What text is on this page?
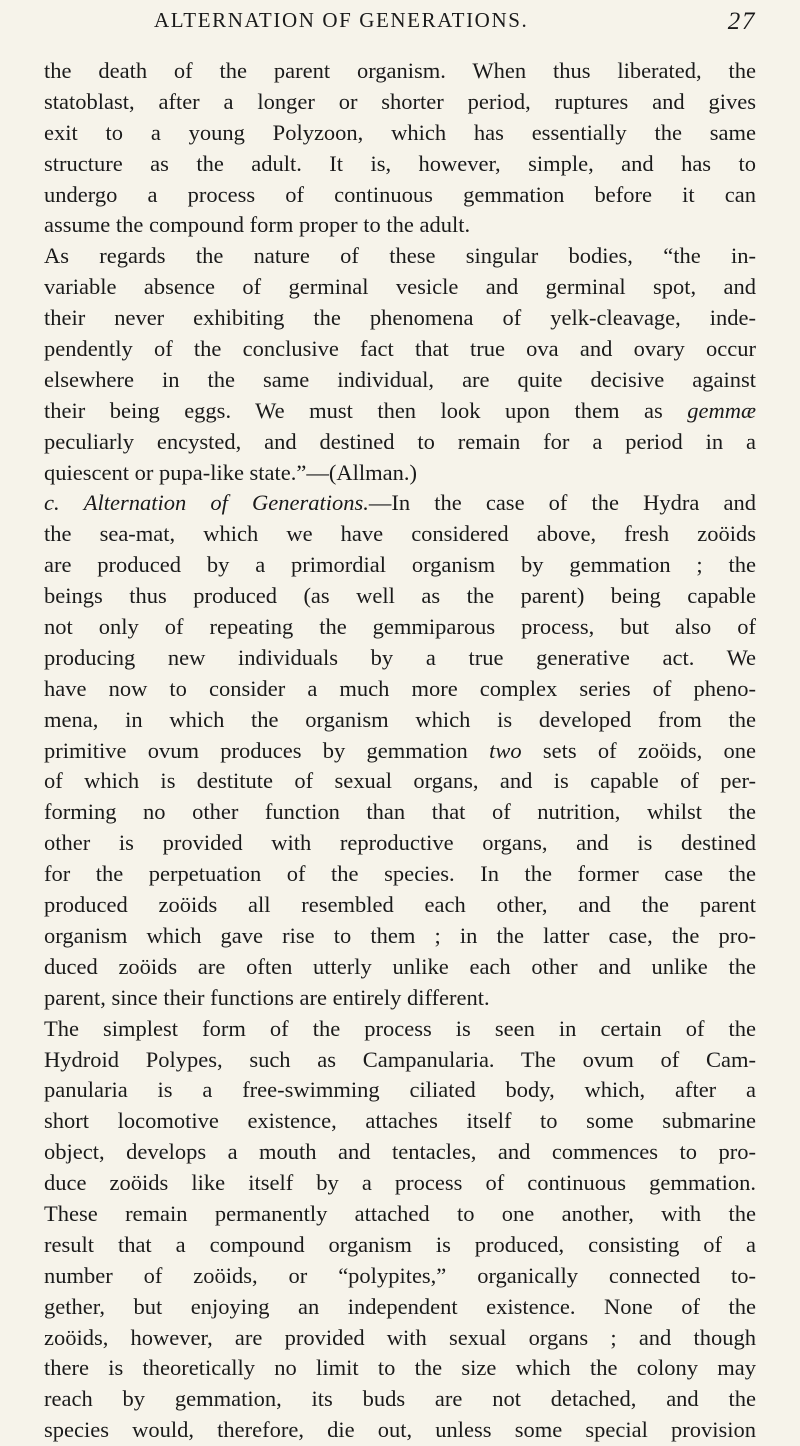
ALTERNATION OF GENERATIONS.	27
the death of the parent organism. When thus liberated, the
statoblast, after a longer or shorter period, ruptures and gives
exit to a young Polyzoon, which has essentially the same
structure as the adult. It is, however, simple, and has to
undergo a process of continuous gemmation before it can
assume the compound form proper to the adult.
As regards the nature of these singular bodies, “the in-
variable absence of germinal vesicle and germinal spot, and
their never exhibiting the phenomena of yelk-cleavage, inde-
pendently of the conclusive fact that true ova and ovary occur
elsewhere in the same individual, are quite decisive against
their being eggs. We must then look upon them as gemmæ
peculiarly encysted, and destined to remain for a period in a
quiescent or pupa-like state.”—(Allman.)
c. Alternation of Generations.—In the case of the Hydra and
the sea-mat, which we have considered above, fresh zoöids
are produced by a primordial organism by gemmation ; the
beings thus produced (as well as the parent) being capable
not only of repeating the gemmiparous process, but also of
producing new individuals by a true generative act. We
have now to consider a much more complex series of pheno-
mena, in which the organism which is developed from the
primitive ovum produces by gemmation two sets of zoöids, one
of which is destitute of sexual organs, and is capable of per-
forming no other function than that of nutrition, whilst the
other is provided with reproductive organs, and is destined
for the perpetuation of the species. In the former case the
produced zoöids all resembled each other, and the parent
organism which gave rise to them ; in the latter case, the pro-
duced zoöids are often utterly unlike each other and unlike the
parent, since their functions are entirely different.
The simplest form of the process is seen in certain of the
Hydroid Polypes, such as Campanularia. The ovum of Cam-
panularia is a free-swimming ciliated body, which, after a
short locomotive existence, attaches itself to some submarine
object, develops a mouth and tentacles, and commences to pro-
duce zoöids like itself by a process of continuous gemmation.
These remain permanently attached to one another, with the
result that a compound organism is produced, consisting of a
number of zoöids, or “polypites,” organically connected to-
gether, but enjoying an independent existence. None of the
zoöids, however, are provided with sexual organs ; and though
there is theoretically no limit to the size which the colony may
reach by gemmation, its buds are not detached, and the
species would, therefore, die out, unless some special provision
